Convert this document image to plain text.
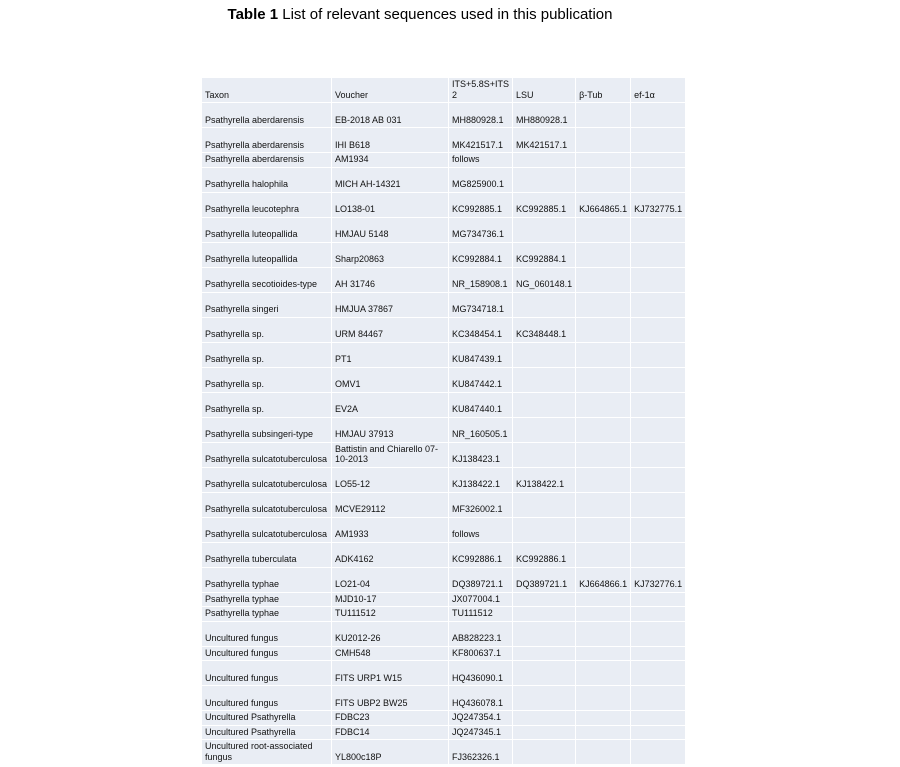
Table 1 List of relevant sequences used in this publication
Taxon	Voucher	ITS+5.8S+ITS 2	LSU	β-Tub	ef-1α
Psathyrella aberdarensis	EB-2018 AB 031	MH880928.1	MH880928.1		
Psathyrella aberdarensis	IHI B618	MK421517.1	MK421517.1		
Psathyrella aberdarensis	AM1934	follows			
Psathyrella halophila	MICH AH-14321	MG825900.1			
Psathyrella leucotephra	LO138-01	KC992885.1	KC992885.1	KJ664865.1	KJ732775.1
Psathyrella luteopallida	HMJAU 5148	MG734736.1			
Psathyrella luteopallida	Sharp20863	KC992884.1	KC992884.1		
Psathyrella secotioides-type	AH 31746	NR_158908.1	NG_060148.1		
Psathyrella singeri	HMJUA 37867	MG734718.1			
Psathyrella sp.	URM 84467	KC348454.1	KC348448.1		
Psathyrella sp.	PT1	KU847439.1			
Psathyrella sp.	OMV1	KU847442.1			
Psathyrella sp.	EV2A	KU847440.1			
Psathyrella subsingeri-type	HMJAU 37913	NR_160505.1			
Psathyrella sulcatotuberculosa	Battistin and Chiarello 07-10-2013	KJ138423.1			
Psathyrella sulcatotuberculosa	LO55-12	KJ138422.1	KJ138422.1		
Psathyrella sulcatotuberculosa	MCVE29112	MF326002.1			
Psathyrella sulcatotuberculosa	AM1933	follows			
Psathyrella tuberculata	ADK4162	KC992886.1	KC992886.1		
Psathyrella typhae	LO21-04	DQ389721.1	DQ389721.1	KJ664866.1	KJ732776.1
Psathyrella typhae	MJD10-17	JX077004.1			
Psathyrella typhae	TU111512	TU111512			
Uncultured fungus	KU2012-26	AB828223.1			
Uncultured fungus	CMH548	KF800637.1			
Uncultured fungus	FITS URP1 W15	HQ436090.1			
Uncultured fungus	FITS UBP2 BW25	HQ436078.1			
Uncultured Psathyrella	FDBC23	JQ247354.1			
Uncultured Psathyrella	FDBC14	JQ247345.1			
Uncultured root-associated fungus	YL800c18P	FJ362326.1			
